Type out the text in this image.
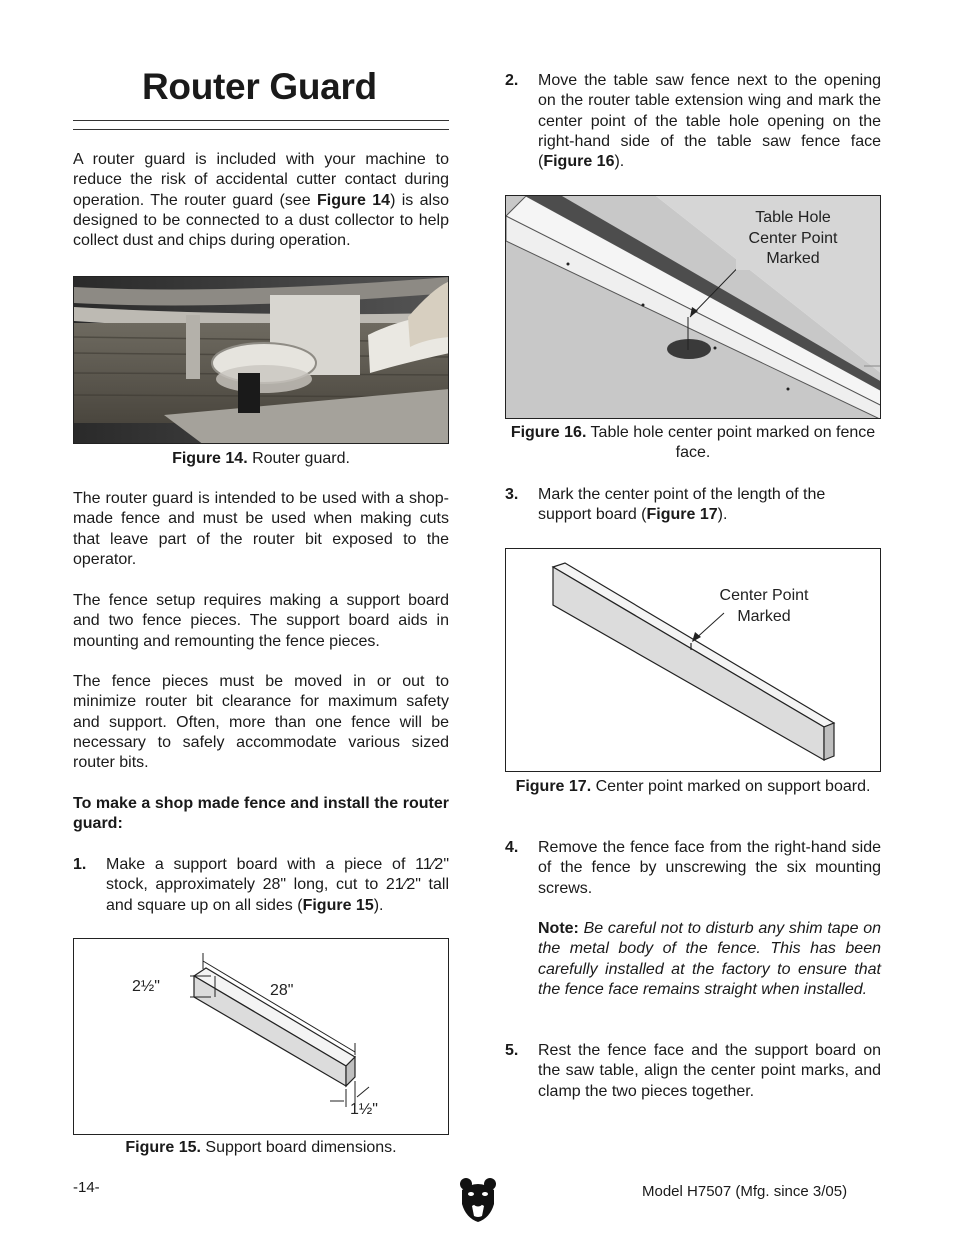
Router Guard
A router guard is included with your machine to reduce the risk of accidental cutter contact during operation. The router guard (see Figure 14) is also designed to be connected to a dust collector to help collect dust and chips during operation.
Figure 14. Router guard.
The router guard is intended to be used with a shop-made fence and must be used when making cuts that leave part of the router bit exposed to the operator.
The fence setup requires making a support board and two fence pieces. The support board aids in mounting and remounting the fence pieces.
The fence pieces must be moved in or out to minimize router bit clearance for maximum safety and support. Often, more than one fence will be necessary to safely accommodate various sized router bits.
To make a shop made fence and install the router guard:
1. Make a support board with a piece of 11⁄2" stock, approximately 28" long, cut to 21⁄2" tall and square up on all sides (Figure 15).
2½"	28"
1½"
Figure 15. Support board dimensions.
2. Move the table saw fence next to the opening on the router table extension wing and mark the center point of the table hole opening on the right-hand side of the table saw fence face (Figure 16).
Table Hole
Center Point
Marked
Figure 16. Table hole center point marked on fence face.
3. Mark the center point of the length of the support board (Figure 17).
Center Point
Marked
Figure 17. Center point marked on support board.
4. Remove the fence face from the right-hand side of the fence by unscrewing the six mounting screws.
Note: Be careful not to disturb any shim tape on the metal body of the fence. This has been carefully installed at the factory to ensure that the fence face remains straight when installed.
5. Rest the fence face and the support board on the saw table, align the center point marks, and clamp the two pieces together.
-14-	Model H7507 (Mfg. since 3/05)
